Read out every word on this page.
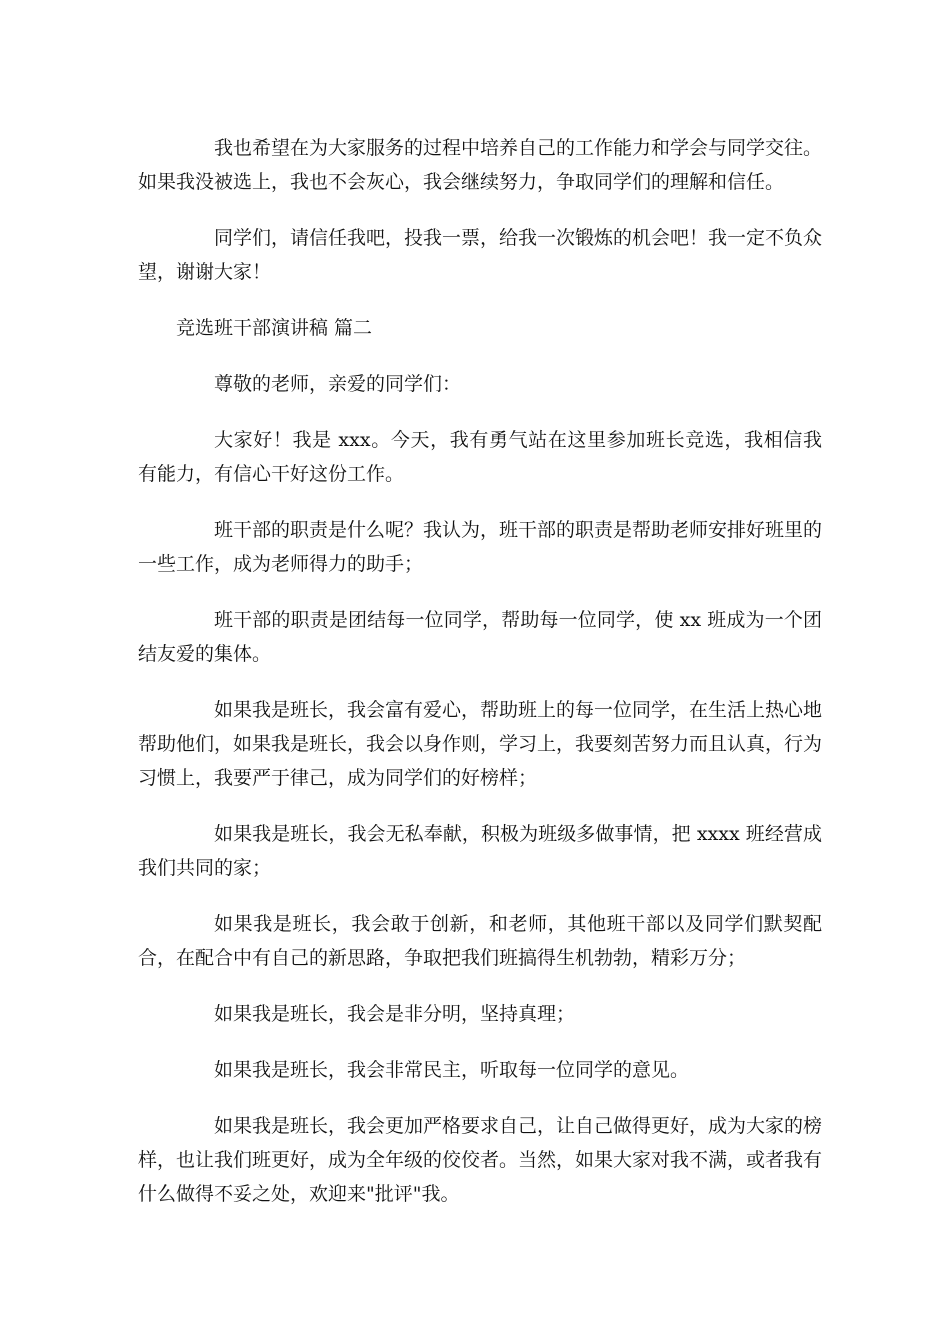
我也希望在为大家服务的过程中培养自己的工作能力和学会与同学交往。如果我没被选上，我也不会灰心，我会继续努力，争取同学们的理解和信任。

同学们，请信任我吧，投我一票，给我一次锻炼的机会吧！我一定不负众望，谢谢大家！

竞选班干部演讲稿 篇二

尊敬的老师，亲爱的同学们：

大家好！我是 xxx。今天，我有勇气站在这里参加班长竞选，我相信我有能力，有信心干好这份工作。

班干部的职责是什么呢？我认为，班干部的职责是帮助老师安排好班里的一些工作，成为老师得力的助手；

班干部的职责是团结每一位同学，帮助每一位同学，使 xx 班成为一个团结友爱的集体。

如果我是班长，我会富有爱心，帮助班上的每一位同学，在生活上热心地帮助他们，如果我是班长，我会以身作则，学习上，我要刻苦努力而且认真，行为习惯上，我要严于律己，成为同学们的好榜样；

如果我是班长，我会无私奉献，积极为班级多做事情，把 xxxx 班经营成我们共同的家；

如果我是班长，我会敢于创新，和老师，其他班干部以及同学们默契配合，在配合中有自己的新思路，争取把我们班搞得生机勃勃，精彩万分；

如果我是班长，我会是非分明，坚持真理；

如果我是班长，我会非常民主，听取每一位同学的意见。

如果我是班长，我会更加严格要求自己，让自己做得更好，成为大家的榜样，也让我们班更好，成为全年级的佼佼者。当然，如果大家对我不满，或者我有什么做得不妥之处，欢迎来"批评"我。
